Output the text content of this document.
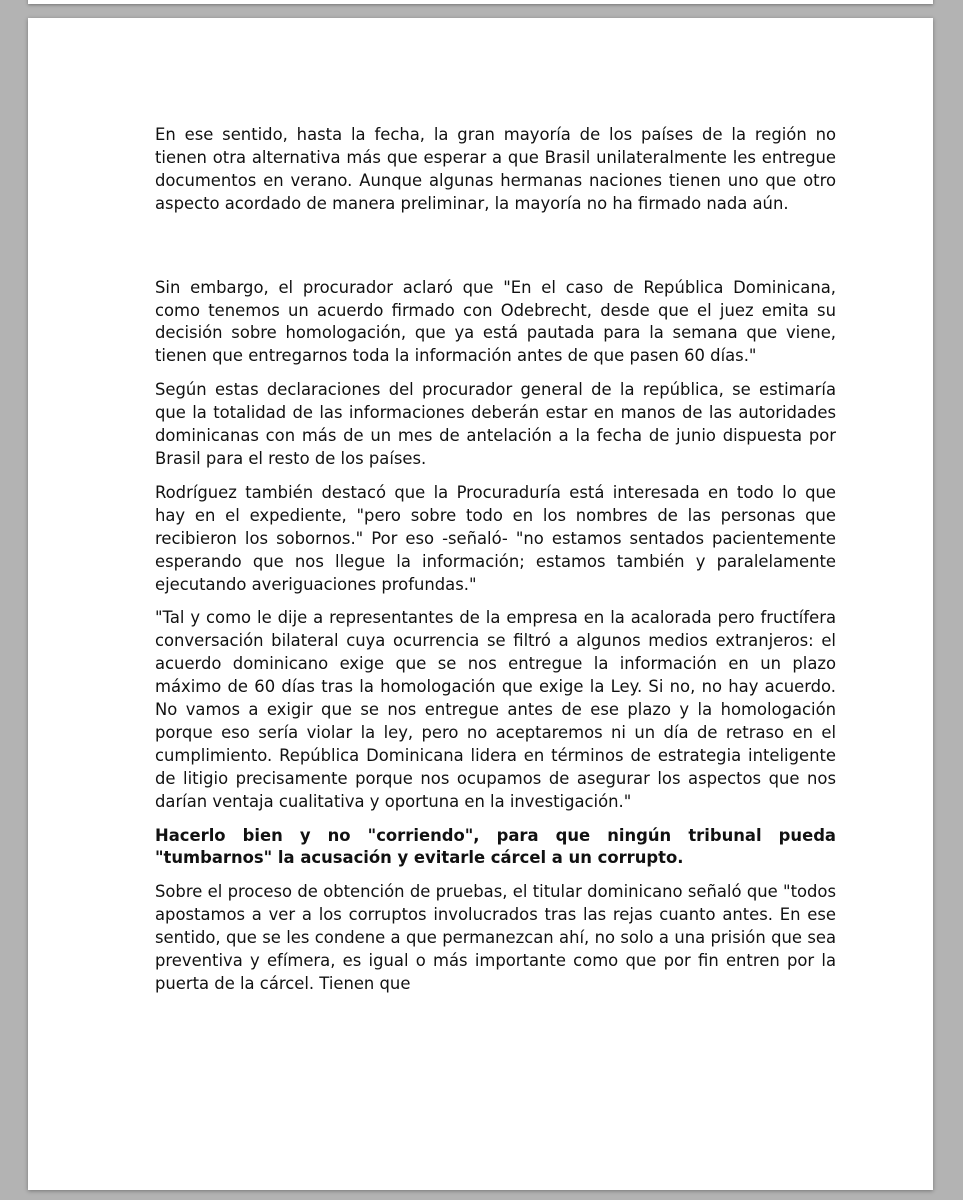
En ese sentido, hasta la fecha, la gran mayoría de los países de la región no tienen otra alternativa más que esperar a que Brasil unilateralmente les entregue documentos en verano. Aunque algunas hermanas naciones tienen uno que otro aspecto acordado de manera preliminar, la mayoría no ha firmado nada aún.

Sin embargo, el procurador aclaró que "En el caso de República Dominicana, como tenemos un acuerdo firmado con Odebrecht, desde que el juez emita su decisión sobre homologación, que ya está pautada para la semana que viene, tienen que entregarnos toda la información antes de que pasen 60 días."

Según estas declaraciones del procurador general de la república, se estimaría que la totalidad de las informaciones deberán estar en manos de las autoridades dominicanas con más de un mes de antelación a la fecha de junio dispuesta por Brasil para el resto de los países.

Rodríguez también destacó que la Procuraduría está interesada en todo lo que hay en el expediente, "pero sobre todo en los nombres de las personas que recibieron los sobornos." Por eso -señaló- "no estamos sentados pacientemente esperando que nos llegue la información; estamos también y paralelamente ejecutando averiguaciones profundas."

"Tal y como le dije a representantes de la empresa en la acalorada pero fructífera conversación bilateral cuya ocurrencia se filtró a algunos medios extranjeros: el acuerdo dominicano exige que se nos entregue la información en un plazo máximo de 60 días tras la homologación que exige la Ley. Si no, no hay acuerdo. No vamos a exigir que se nos entregue antes de ese plazo y la homologación porque eso sería violar la ley, pero no aceptaremos ni un día de retraso en el cumplimiento. República Dominicana lidera en términos de estrategia inteligente de litigio precisamente porque nos ocupamos de asegurar los aspectos que nos darían ventaja cualitativa y oportuna en la investigación."

Hacerlo bien y no "corriendo", para que ningún tribunal pueda "tumbarnos" la acusación y evitarle cárcel a un corrupto.

Sobre el proceso de obtención de pruebas, el titular dominicano señaló que "todos apostamos a ver a los corruptos involucrados tras las rejas cuanto antes. En ese sentido, que se les condene a que permanezcan ahí, no solo a una prisión que sea preventiva y efímera, es igual o más importante como que por fin entren por la puerta de la cárcel. Tienen que
